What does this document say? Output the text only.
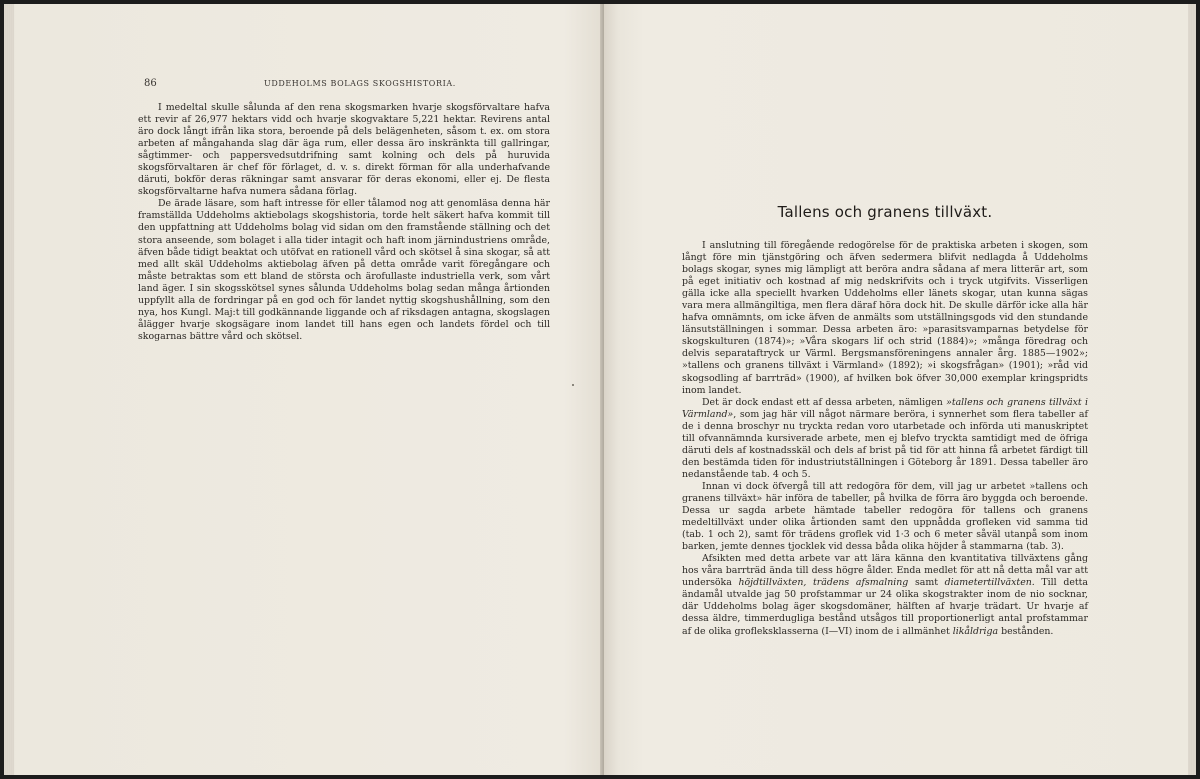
86	UDDEHOLMS BOLAGS SKOGSHISTORIA.

I medeltal skulle sålunda af den rena skogsmarken hvarje skogsförvaltare hafva ett revir af 26,977 hektars vidd och hvarje skogvaktare 5,221 hektar. Revirens antal äro dock långt ifrån lika stora, beroende på dels belägenheten, såsom t. ex. om stora arbeten af mångahanda slag där äga rum, eller dessa äro inskränkta till gallringar, sågtimmer- och pappersvedsutdrifning samt kolning och dels på huruvida skogsförvaltaren är chef för förlaget, d. v. s. direkt förman för alla underhafvande däruti, bokför deras räkningar samt ansvarar för deras ekonomi, eller ej. De flesta skogsförvaltarne hafva numera sådana förlag.

De ärade läsare, som haft intresse för eller tålamod nog att genomläsa denna här framställda Uddeholms aktiebolags skogshistoria, torde helt säkert hafva kommit till den uppfattning att Uddeholms bolag vid sidan om den framstående ställning och det stora anseende, som bolaget i alla tider intagit och haft inom järnindustriens område, äfven både tidigt beaktat och utöfvat en rationell vård och skötsel å sina skogar, så att med allt skäl Uddeholms aktiebolag äfven på detta område varit föregångare och måste betraktas som ett bland de största och ärofullaste industriella verk, som vårt land äger. I sin skogsskötsel synes sålunda Uddeholms bolag sedan många årtionden uppfyllt alla de fordringar på en god och för landet nyttig skogshushållning, som den nya, hos Kungl. Maj:t till godkännande liggande och af riksdagen antagna, skogslagen ålägger hvarje skogsägare inom landet till hans egen och landets fördel och till skogarnas bättre vård och skötsel.

Tallens och granens tillväxt.

I anslutning till föregående redogörelse för de praktiska arbeten i skogen, som långt före min tjänstgöring och äfven sedermera blifvit nedlagda å Uddeholms bolags skogar, synes mig lämpligt att beröra andra sådana af mera litterär art, som på eget initiativ och kostnad af mig nedskrifvits och i tryck utgifvits. Visserligen gälla icke alla speciellt hvarken Uddeholms eller länets skogar, utan kunna sägas vara mera allmängiltiga, men flera däraf höra dock hit. De skulle därför icke alla här hafva omnämnts, om icke äfven de anmälts som utställningsgods vid den stundande länsutställningen i sommar. Dessa arbeten äro: »parasitsvamparnas betydelse för skogskulturen (1874)»; »Våra skogars lif och strid (1884)»; »många föredrag och delvis separataftryck ur Värml. Bergsmansföreningens annaler årg. 1885—1902»; »tallens och granens tillväxt i Värmland» (1892); »i skogsfrågan» (1901); »råd vid skogsodling af barrträd» (1900), af hvilken bok öfver 30,000 exemplar kringspridts inom landet.

Det är dock endast ett af dessa arbeten, nämligen »tallens och granens tillväxt i Värmland», som jag här vill något närmare beröra, i synnerhet som flera tabeller af de i denna broschyr nu tryckta redan voro utarbetade och införda uti manuskriptet till ofvannämnda kursiverade arbete, men ej blefvo tryckta samtidigt med de öfriga däruti dels af kostnadsskäl och dels af brist på tid för att hinna få arbetet färdigt till den bestämda tiden för industriutställningen i Göteborg år 1891. Dessa tabeller äro nedanstående tab. 4 och 5.

Innan vi dock öfvergå till att redogöra för dem, vill jag ur arbetet »tallens och granens tillväxt» här införa de tabeller, på hvilka de förra äro byggda och beroende. Dessa ur sagda arbete hämtade tabeller redogöra för tallens och granens medeltillväxt under olika årtionden samt den uppnådda grofleken vid samma tid (tab. 1 och 2), samt för trädens groflek vid 1·3 och 6 meter såväl utanpå som inom barken, jemte dennes tjocklek vid dessa båda olika höjder å stammarna (tab. 3).

Afsikten med detta arbete var att lära känna den kvantitativa tillväxtens gång hos våra barrträd ända till dess högre ålder. Enda medlet för att nå detta mål var att undersöka höjdtillväxten, trädens afsmalning samt diametertillväxten. Till detta ändamål utvalde jag 50 profstammar ur 24 olika skogstrakter inom de nio socknar, där Uddeholms bolag äger skogsdomäner, hälften af hvarje trädart. Ur hvarje af dessa äldre, timmerdugliga bestånd utsågos till proportionerligt antal profstammar af de olika grofleksklasserna (I—VI) inom de i allmänhet likåldriga bestånden.
